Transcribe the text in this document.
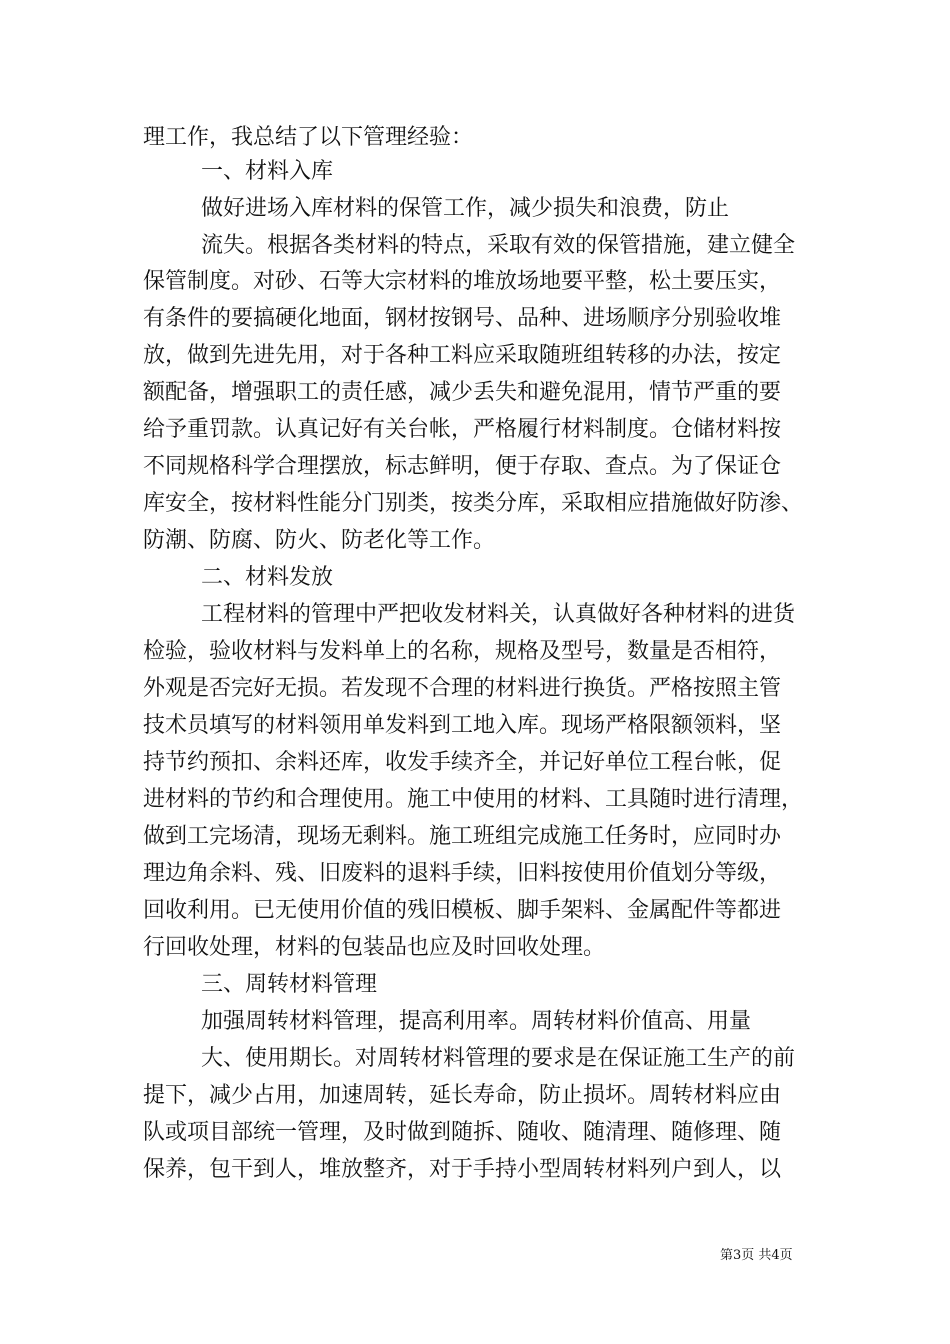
理工作，我总结了以下管理经验：
一、材料入库
做好进场入库材料的保管工作，减少损失和浪费，防止
流失。根据各类材料的特点，采取有效的保管措施，建立健全
保管制度。对砂、石等大宗材料的堆放场地要平整，松土要压实，
有条件的要搞硬化地面，钢材按钢号、品种、进场顺序分别验收堆
放，做到先进先用，对于各种工料应采取随班组转移的办法，按定
额配备，增强职工的责任感，减少丢失和避免混用，情节严重的要
给予重罚款。认真记好有关台帐，严格履行材料制度。仓储材料按
不同规格科学合理摆放，标志鲜明，便于存取、查点。为了保证仓
库安全，按材料性能分门别类，按类分库，采取相应措施做好防渗、
防潮、防腐、防火、防老化等工作。
二、材料发放
工程材料的管理中严把收发材料关，认真做好各种材料的进货
检验，验收材料与发料单上的名称，规格及型号，数量是否相符，
外观是否完好无损。若发现不合理的材料进行换货。严格按照主管
技术员填写的材料领用单发料到工地入库。现场严格限额领料，坚
持节约预扣、余料还库，收发手续齐全，并记好单位工程台帐，促
进材料的节约和合理使用。施工中使用的材料、工具随时进行清理，
做到工完场清，现场无剩料。施工班组完成施工任务时，应同时办
理边角余料、残、旧废料的退料手续，旧料按使用价值划分等级，
回收利用。已无使用价值的残旧模板、脚手架料、金属配件等都进
行回收处理，材料的包装品也应及时回收处理。
三、周转材料管理
加强周转材料管理，提高利用率。周转材料价值高、用量
大、使用期长。对周转材料管理的要求是在保证施工生产的前
提下，减少占用，加速周转，延长寿命，防止损坏。周转材料应由
队或项目部统一管理，及时做到随拆、随收、随清理、随修理、随
保养，包干到人，堆放整齐，对于手持小型周转材料列户到人，以
第3页 共4页
